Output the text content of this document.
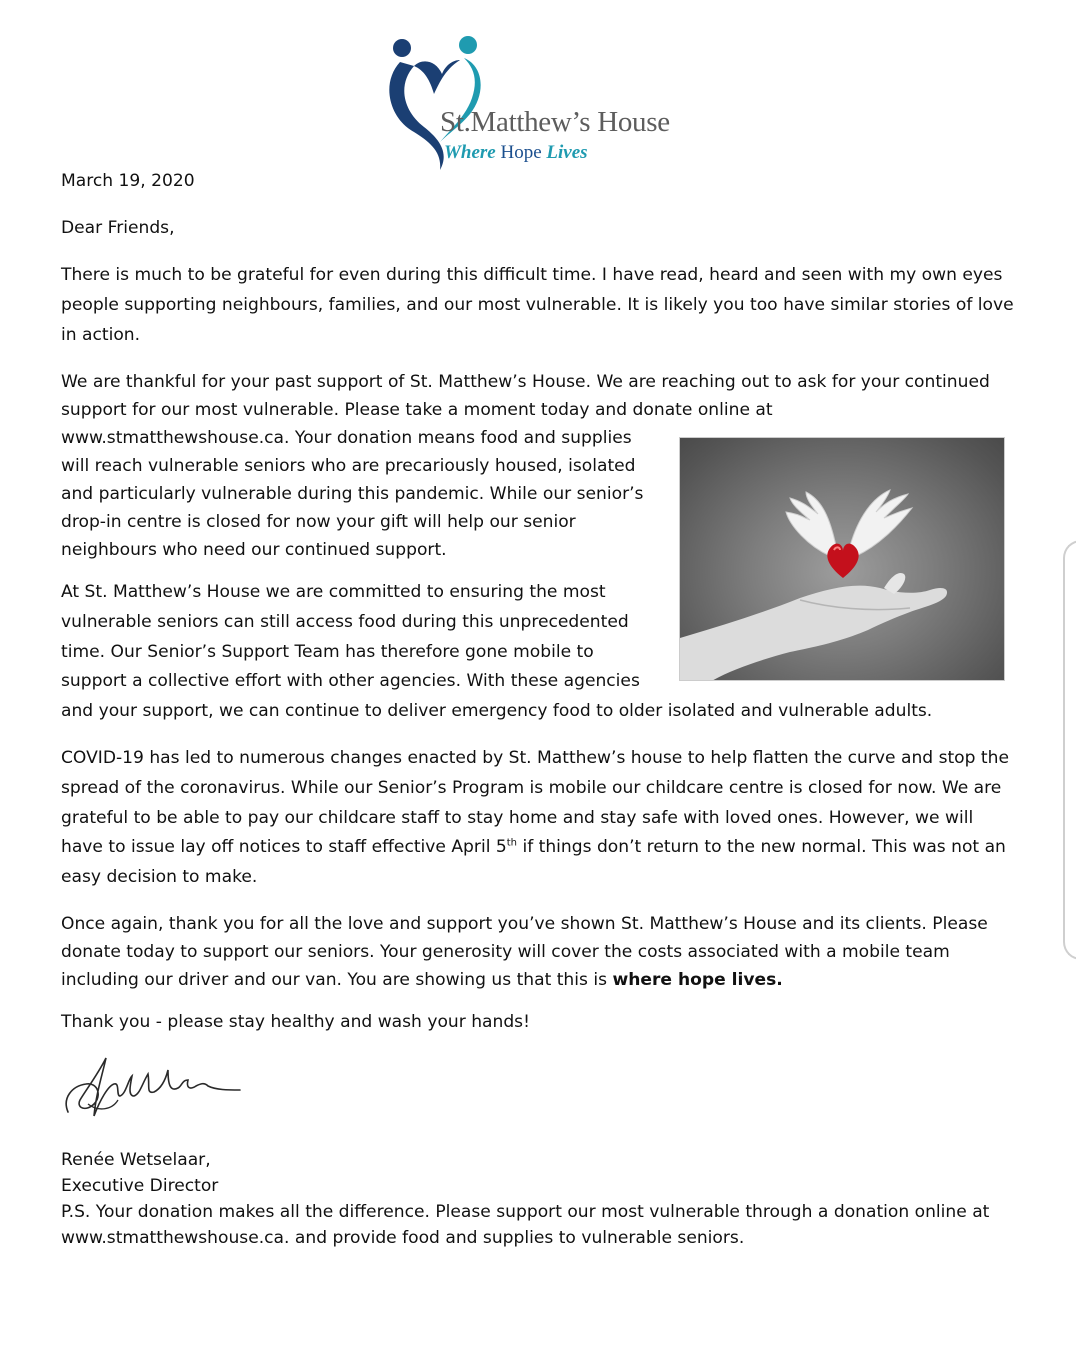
St.Matthew’s House
Where Hope Lives

March 19, 2020

Dear Friends,

There is much to be grateful for even during this difficult time. I have read, heard and seen with my own eyes
people supporting neighbours, families, and our most vulnerable. It is likely you too have similar stories of love
in action.
We are thankful for your past support of St. Matthew’s House. We are reaching out to ask for your continued
support for our most vulnerable. Please take a moment today and donate online at
www.stmatthewshouse.ca. Your donation means food and supplies
will reach vulnerable seniors who are precariously housed, isolated
and particularly vulnerable during this pandemic. While our senior’s
drop-in centre is closed for now your gift will help our senior
neighbours who need our continued support.
At St. Matthew’s House we are committed to ensuring the most
vulnerable seniors can still access food during this unprecedented
time. Our Senior’s Support Team has therefore gone mobile to
support a collective effort with other agencies. With these agencies
and your support, we can continue to deliver emergency food to older isolated and vulnerable adults.
COVID-19 has led to numerous changes enacted by St. Matthew’s house to help flatten the curve and stop the
spread of the coronavirus. While our Senior’s Program is mobile our childcare centre is closed for now. We are
grateful to be able to pay our childcare staff to stay home and stay safe with loved ones. However, we will
have to issue lay off notices to staff effective April 5th if things don’t return to the new normal. This was not an
easy decision to make.
Once again, thank you for all the love and support you’ve shown St. Matthew’s House and its clients. Please
donate today to support our seniors. Your generosity will cover the costs associated with a mobile team
including our driver and our van. You are showing us that this is where hope lives.

Thank you - please stay healthy and wash your hands!

Renée Wetselaar,
Executive Director
P.S. Your donation makes all the difference. Please support our most vulnerable through a donation online at
www.stmatthewshouse.ca. and provide food and supplies to vulnerable seniors.
